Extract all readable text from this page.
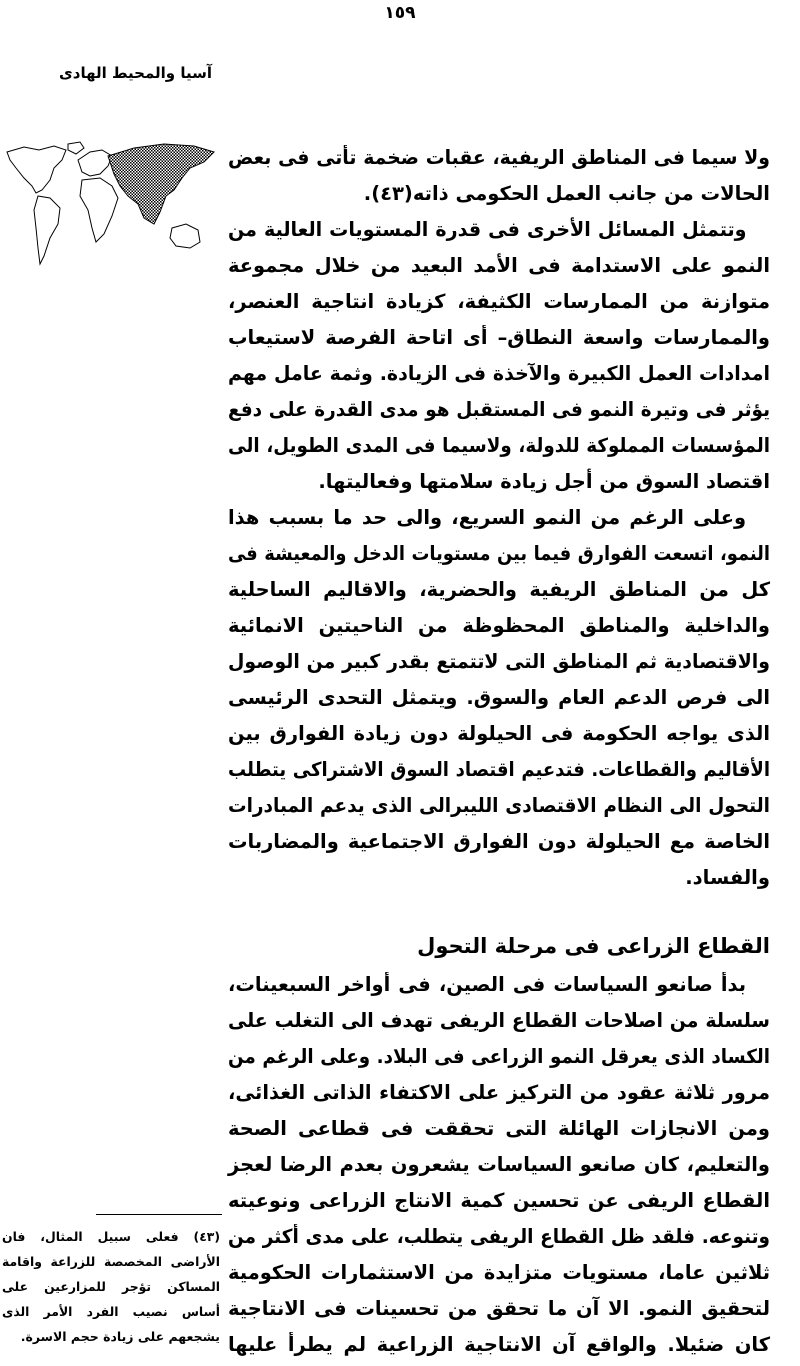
١٥٩
آسيا والمحيط الهادى
ولا سيما فى المناطق الريفية، عقبات ضخمة تأتى فى بعض
الحالات من جانب العمل الحكومى ذاته(٤٣).
وتتمثل المسائل الأخرى فى قدرة المستويات العالية من
النمو على الاستدامة فى الأمد البعيد من خلال مجموعة
متوازنة من الممارسات الكثيفة، كزيادة انتاجية العنصر،
والممارسات واسعة النطاق– أى اتاحة الفرصة لاستيعاب
امدادات العمل الكبيرة والآخذة فى الزيادة. وثمة عامل مهم
يؤثر فى وتيرة النمو فى المستقبل هو مدى القدرة على دفع
المؤسسات المملوكة للدولة، ولاسيما فى المدى الطويل، الى
اقتصاد السوق من أجل زيادة سلامتها وفعاليتها.
وعلى الرغم من النمو السريع، والى حد ما بسبب هذا
النمو، اتسعت الفوارق فيما بين مستويات الدخل والمعيشة فى
كل من المناطق الريفية والحضرية، والاقاليم الساحلية
والداخلية والمناطق المحظوظة من الناحيتين الانمائية
والاقتصادية ثم المناطق التى لاتتمتع بقدر كبير من الوصول
الى فرص الدعم العام والسوق. ويتمثل التحدى الرئيسى
الذى يواجه الحكومة فى الحيلولة دون زيادة الفوارق بين
الأقاليم والقطاعات. فتدعيم اقتصاد السوق الاشتراكى يتطلب
التحول الى النظام الاقتصادى الليبرالى الذى يدعم المبادرات
الخاصة مع الحيلولة دون الفوارق الاجتماعية والمضاربات
والفساد.
القطاع الزراعى فى مرحلة التحول
بدأ صانعو السياسات فى الصين، فى أواخر السبعينات،
سلسلة من اصلاحات القطاع الريفى تهدف الى التغلب على
الكساد الذى يعرقل النمو الزراعى فى البلاد. وعلى الرغم من
مرور ثلاثة عقود من التركيز على الاكتفاء الذاتى الغذائى،
ومن الانجازات الهائلة التى تحققت فى قطاعى الصحة
والتعليم، كان صانعو السياسات يشعرون بعدم الرضا لعجز
القطاع الريفى عن تحسين كمية الانتاج الزراعى ونوعيته
وتنوعه. فلقد ظل القطاع الريفى يتطلب، على مدى أكثر من
ثلاثين عاما، مستويات متزايدة من الاستثمارات الحكومية
لتحقيق النمو. الا آن ما تحقق من تحسينات فى الانتاجية
كان ضئيلا. والواقع آن الانتاجية الزراعية لم يطرأ عليها
(٤٣) فعلى سبيل المثال، فان
الأراضى المخصصة للزراعة واقامة
المساكن تؤجر للمزارعين على
أساس نصيب الفرد الأمر الذى
يشجعهم على زيادة حجم الاسرة.
